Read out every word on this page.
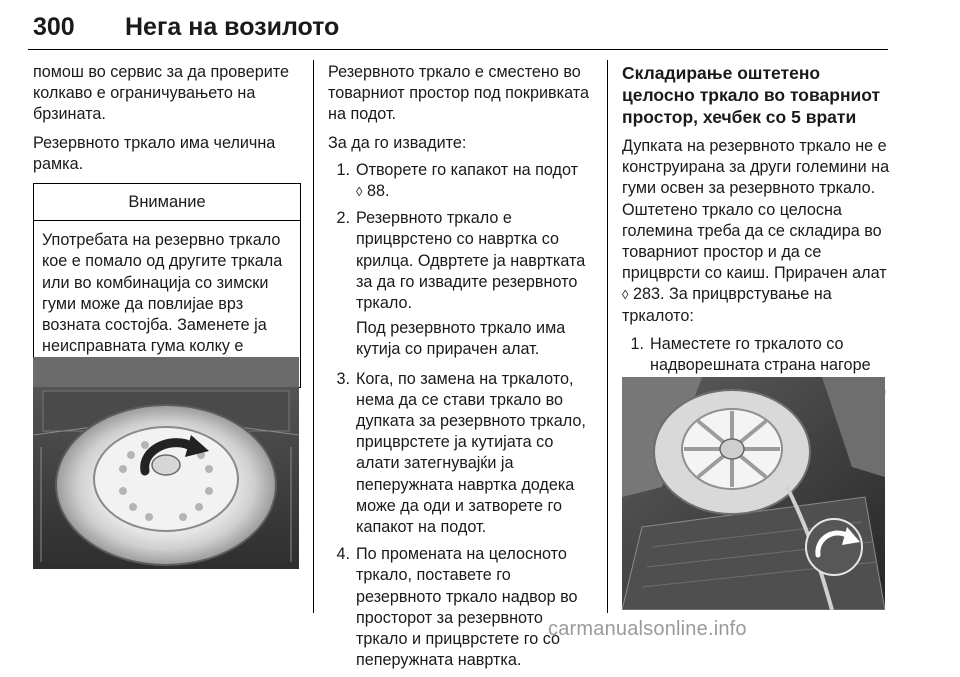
300 Нега на возилото

помош во сервис за да проверите колкаво е ограничувањето на брзината.

Резервното тркало има челична рамка.

Внимание
Употребата на резервно тркало кое е помало од другите тркала или во комбинација со зимски гуми може да повлијае врз возната состојба. Заменете ја неисправната гума колку е

Резервното тркало е сместено во товарниот простор под покривката на подот.

За да го извадите:

1. Отворете го капакот на подот
◊ 88.
2. Резервното тркало е прицврстено со навртка со крилца. Одвртете ја навртката за да го извадите резервното тркало.
Под резервното тркало има кутија со прирачен алат.
3. Кога, по замена на тркалото, нема да се стави тркало во дупката за резервното тркало, прицврстете ја кутијата со алати затегнувајќи ја пеперужната навртка додека може да оди и затворете го капакот на подот.
4. По промената на целосното тркало, поставете го резервното тркало надвор во просторот за резервното тркало и прицврстете го со пеперужната навртка.
Складирање оштетено целосно тркало во товарниот простор, хечбек со 5 врати

Дупката на резервното тркало не е конструирана за други големини на гуми освен за резервното тркало. Оштетено тркало со целосна големина треба да се складира во товарниот простор и да се прицврсти со каиш. Прирачен алат
◊ 283. За прицврстување на тркалото:

1. Наместете го тркалото со надворешната страна нагоре
carmanualsonline.info
